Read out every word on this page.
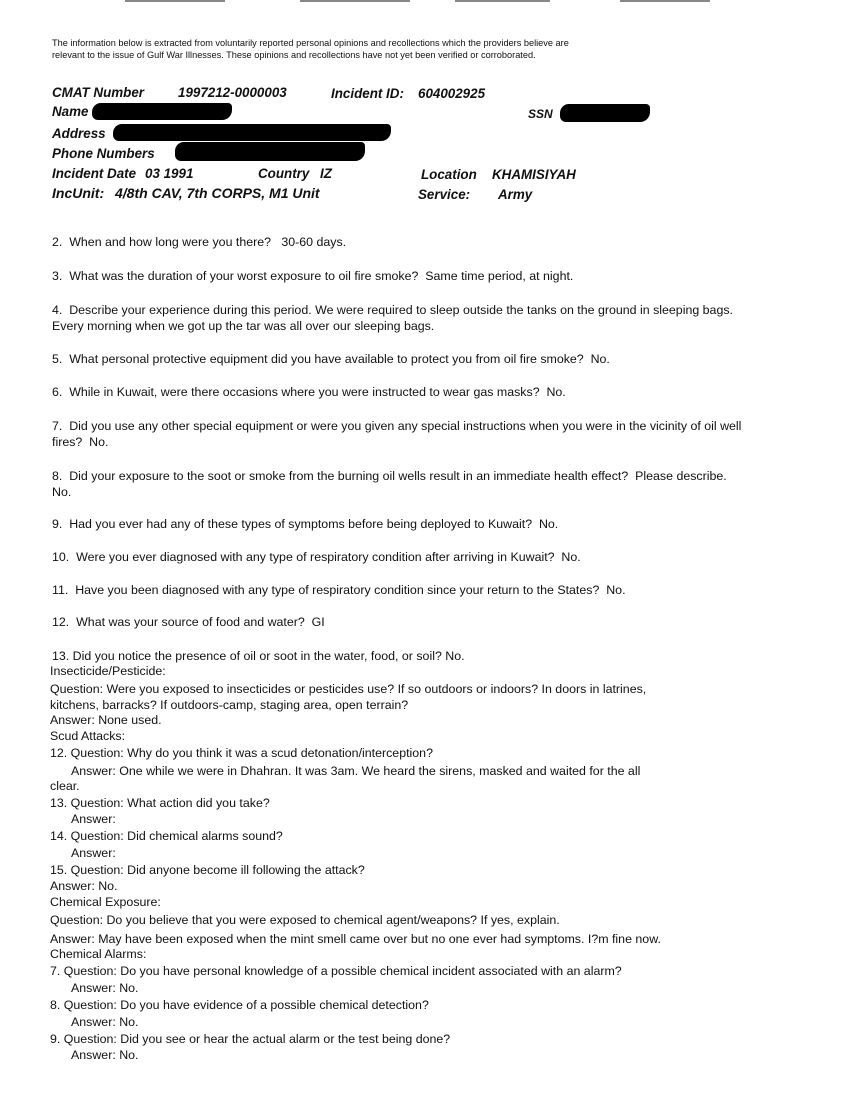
The information below is extracted from voluntarily reported personal opinions and recollections which the providers believe are relevant to the issue of Gulf War Illnesses. These opinions and recollections have not yet been verified or corroborated.
CMAT Number	1997212-0000003	Incident ID: 604002925
Name	SSN
Address
Phone Numbers
Incident Date 03 1991	Country IZ	Location KHAMISIYAH
IncUnit: 4/8th CAV, 7th CORPS, M1 Unit	Service: Army
2.  When and how long were you there?   30-60 days.
3.  What was the duration of your worst exposure to oil fire smoke?  Same time period, at night.
4.  Describe your experience during this period. We were required to sleep outside the tanks on the ground in sleeping bags.  Every morning when we got up the tar was all over our sleeping bags.
5.  What personal protective equipment did you have available to protect you from oil fire smoke?  No.
6.  While in Kuwait, were there occasions where you were instructed to wear gas masks?  No.
7.  Did you use any other special equipment or were you given any special instructions when you were in the vicinity of oil well fires?  No.
8.  Did your exposure to the soot or smoke from the burning oil wells result in an immediate health effect?  Please describe.  No.
9.  Had you ever had any of these types of symptoms before being deployed to Kuwait?  No.
10.  Were you ever diagnosed with any type of respiratory condition after arriving in Kuwait?  No.
11.  Have you been diagnosed with any type of respiratory condition since your return to the States?  No.
12.  What was your source of food and water?  GI
13. Did you notice the presence of oil or soot in the water, food, or soil? No.
Insecticide/Pesticide:
Question: Were you exposed to insecticides or pesticides use? If so outdoors or indoors? In doors in latrines,
kitchens, barracks? If outdoors-camp, staging area, open terrain?
Answer: None used.
Scud Attacks:
12. Question: Why do you think it was a scud detonation/interception?
Answer: One while we were in Dhahran. It was 3am. We heard the sirens, masked and waited for the all
clear.
13. Question: What action did you take?
Answer:
14. Question: Did chemical alarms sound?
Answer:
15. Question: Did anyone become ill following the attack?
Answer: No.
Chemical Exposure:
Question: Do you believe that you were exposed to chemical agent/weapons? If yes, explain.
Answer: May have been exposed when the mint smell came over but no one ever had symptoms. I?m fine now.
Chemical Alarms:
7. Question: Do you have personal knowledge of a possible chemical incident associated with an alarm?
Answer: No.
8. Question: Do you have evidence of a possible chemical detection?
Answer: No.
9. Question: Did you see or hear the actual alarm or the test being done?
Answer: No.
